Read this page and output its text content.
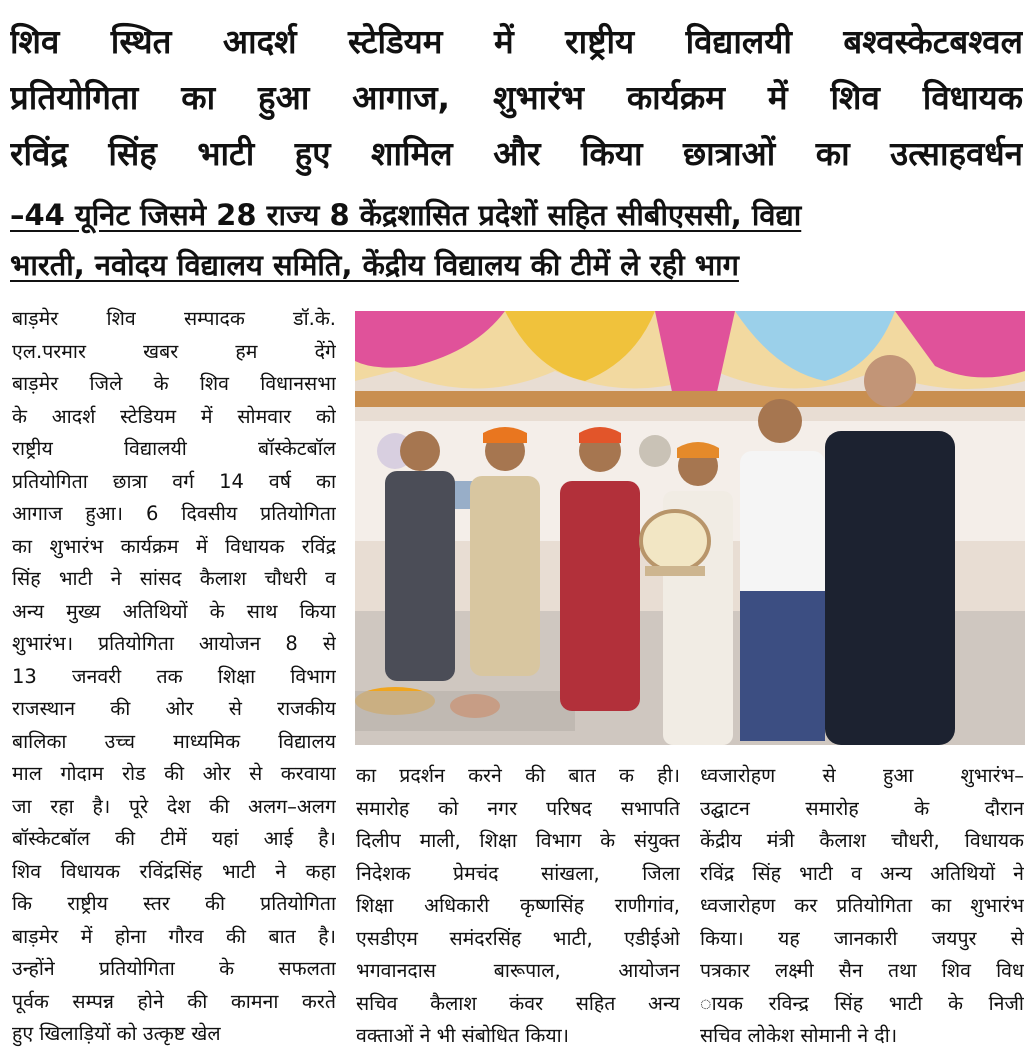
शिव स्थित आदर्श स्टेडियम में राष्ट्रीय विद्यालयी बश्वस्केटबश्वल
प्रतियोगिता का हुआ आगाज, शुभारंभ कार्यक्रम में शिव विधायक
रविंद्र सिंह भाटी हुए शामिल और किया छात्राओं का उत्साहवर्धन
–44 यूनिट जिसमे 28 राज्य 8 केंद्रशासित प्रदेशों सहित सीबीएससी, विद्या
भारती, नवोदय विद्यालय समिति, केंद्रीय विद्यालय की टीमें ले रही भाग

बाड़मेर शिव सम्पादक डॉ.के.

एल.परमार खबर हम देंगे

बाड़मेर जिले के शिव विधानसभा

के आदर्श स्टेडियम में सोमवार को

राष्ट्रीय विद्यालयी बॉस्केटबॉल

प्रतियोगिता छात्रा वर्ग 14 वर्ष का

आगाज हुआ। 6 दिवसीय प्रतियोगिता

का शुभारंभ कार्यक्रम में विधायक रविंद्र

सिंह भाटी ने सांसद कैलाश चौधरी व

अन्य मुख्य अतिथियों के साथ किया

शुभारंभ। प्रतियोगिता आयोजन 8 से

13 जनवरी तक शिक्षा विभाग

राजस्थान की ओर से राजकीय

बालिका उच्च माध्यमिक विद्यालय

माल गोदाम रोड की ओर से करवाया

जा रहा है। पूरे देश की अलग–अलग

बॉस्केटबॉल की टीमें यहां आई है।

शिव विधायक रविंद्रसिंह भाटी ने कहा

कि राष्ट्रीय स्तर की प्रतियोगिता

बाड़मेर में होना गौरव की बात है।

उन्होंने प्रतियोगिता के सफलता

पूर्वक सम्पन्न होने की कामना करते

हुए खिलाड़ियों को उत्कृष्ट खेल

का प्रदर्शन करने की बात क ही।

समारोह को नगर परिषद सभापति

दिलीप माली, शिक्षा विभाग के संयुक्त

निदेशक प्रेमचंद सांखला, जिला

शिक्षा अधिकारी कृष्णसिंह राणीगांव,

एसडीएम समंदरसिंह भाटी, एडीईओ

भगवानदास बारूपाल, आयोजन

सचिव कैलाश कंवर सहित अन्य

वक्ताओं ने भी संबोधित किया।

ध्वजारोहण से हुआ शुभारंभ–

उद्घाटन समारोह के दौरान

केंद्रीय मंत्री कैलाश चौधरी, विधायक

रविंद्र सिंह भाटी व अन्य अतिथियों ने

ध्वजारोहण कर प्रतियोगिता का शुभारंभ

किया। यह जानकारी जयपुर से

पत्रकार लक्ष्मी सैन तथा शिव विध

ायक रविन्द्र सिंह भाटी के निजी

सचिव लोकेश सोमानी ने दी।
